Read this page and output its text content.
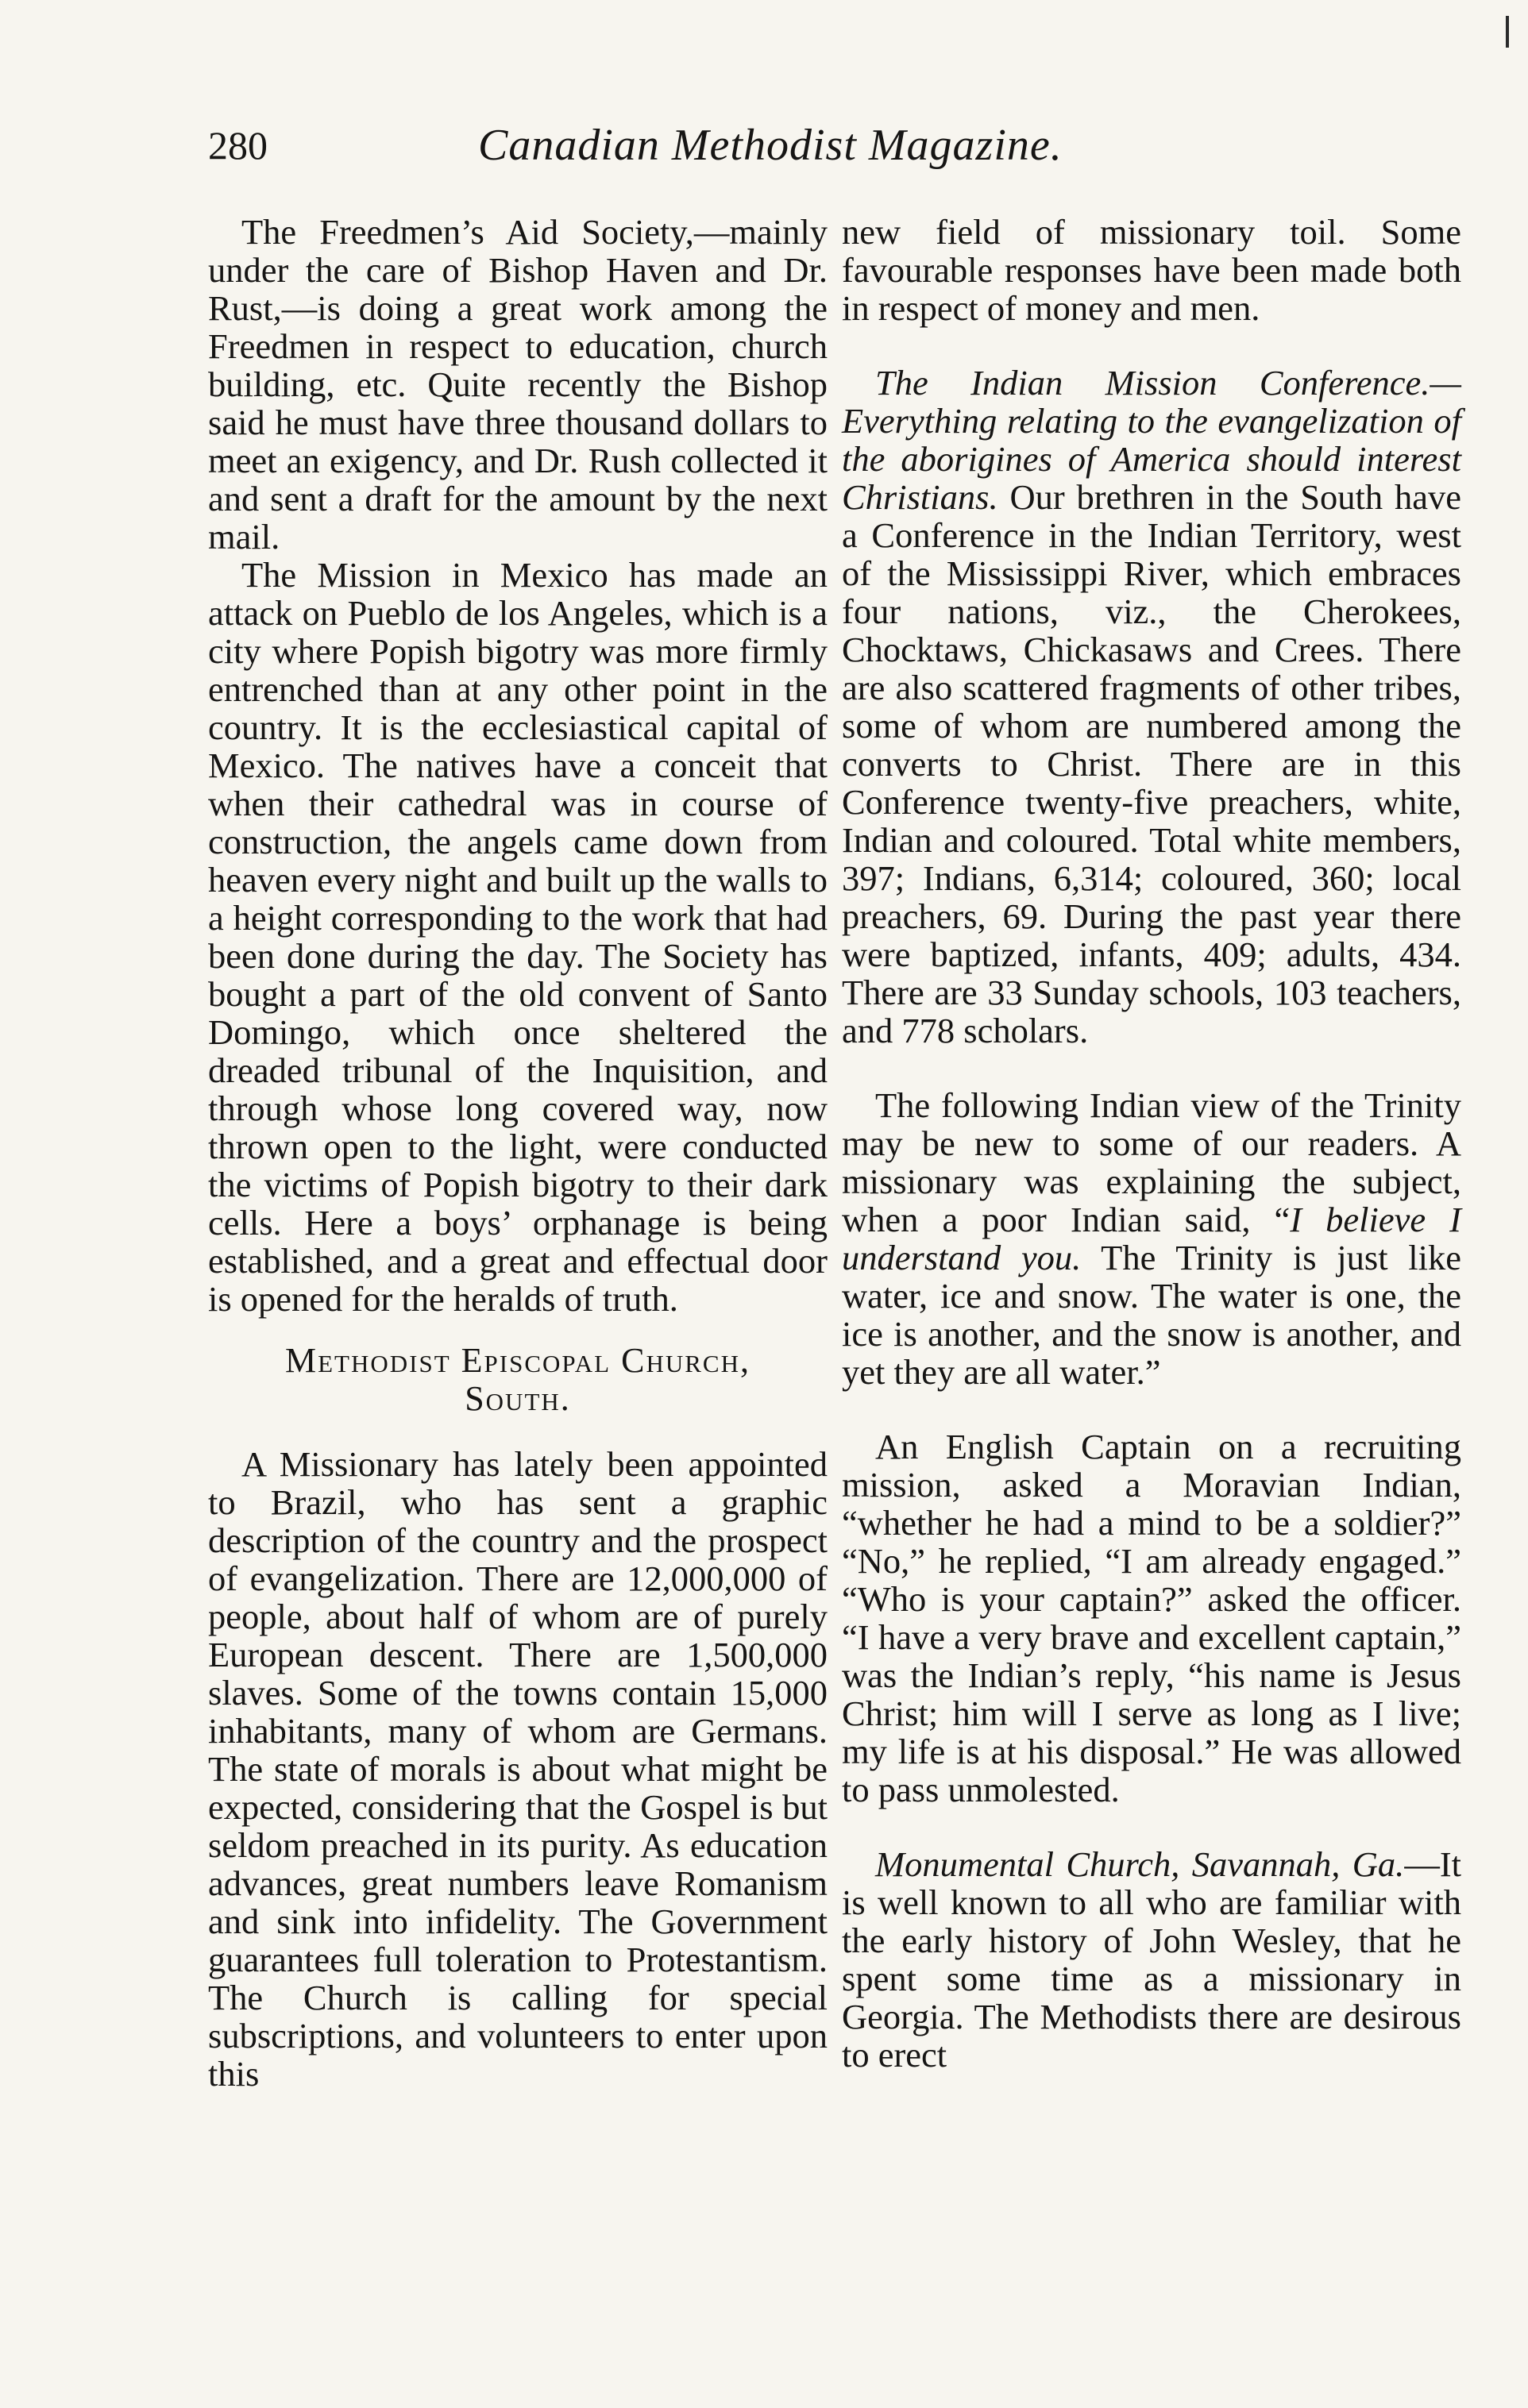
280	Canadian Methodist Magazine.

The Freedmen’s Aid Society,—mainly under the care of Bishop Haven and Dr. Rust,—is doing a great work among the Freedmen in respect to education, church building, etc. Quite recently the Bishop said he must have three thousand dollars to meet an exigency, and Dr. Rush collected it and sent a draft for the amount by the next mail.

The Mission in Mexico has made an attack on Pueblo de los Angeles, which is a city where Popish bigotry was more firmly entrenched than at any other point in the country. It is the ecclesiastical capital of Mexico. The natives have a conceit that when their cathedral was in course of construction, the angels came down from heaven every night and built up the walls to a height corresponding to the work that had been done during the day. The Society has bought a part of the old convent of Santo Domingo, which once sheltered the dreaded tribunal of the Inquisition, and through whose long covered way, now thrown open to the light, were conducted the victims of Popish bigotry to their dark cells. Here a boys’ orphanage is being established, and a great and effectual door is opened for the heralds of truth.

Methodist Episcopal Church,
South.

A Missionary has lately been appointed to Brazil, who has sent a graphic description of the country and the prospect of evangelization. There are 12,000,000 of people, about half of whom are of purely European descent. There are 1,500,000 slaves. Some of the towns contain 15,000 inhabitants, many of whom are Germans. The state of morals is about what might be expected, considering that the Gospel is but seldom preached in its purity. As education advances, great numbers leave Romanism and sink into infidelity. The Government guarantees full toleration to Protestantism. The Church is calling for special subscriptions, and volunteers to enter upon this

new field of missionary toil. Some favourable responses have been made both in respect of money and men.

The Indian Mission Conference.—Everything relating to the evangelization of the aborigines of America should interest Christians. Our brethren in the South have a Conference in the Indian Territory, west of the Mississippi River, which embraces four nations, viz., the Cherokees, Chocktaws, Chickasaws and Crees. There are also scattered fragments of other tribes, some of whom are numbered among the converts to Christ. There are in this Conference twenty-five preachers, white, Indian and coloured. Total white members, 397; Indians, 6,314; coloured, 360; local preachers, 69. During the past year there were baptized, infants, 409; adults, 434. There are 33 Sunday schools, 103 teachers, and 778 scholars.

The following Indian view of the Trinity may be new to some of our readers. A missionary was explaining the subject, when a poor Indian said, “I believe I understand you. The Trinity is just like water, ice and snow. The water is one, the ice is another, and the snow is another, and yet they are all water.”

An English Captain on a recruiting mission, asked a Moravian Indian, “whether he had a mind to be a soldier?” “No,” he replied, “I am already engaged.” “Who is your captain?” asked the officer. “I have a very brave and excellent captain,” was the Indian’s reply, “his name is Jesus Christ; him will I serve as long as I live; my life is at his disposal.” He was allowed to pass unmolested.

Monumental Church, Savannah, Ga.—It is well known to all who are familiar with the early history of John Wesley, that he spent some time as a missionary in Georgia. The Methodists there are desirous to erect
